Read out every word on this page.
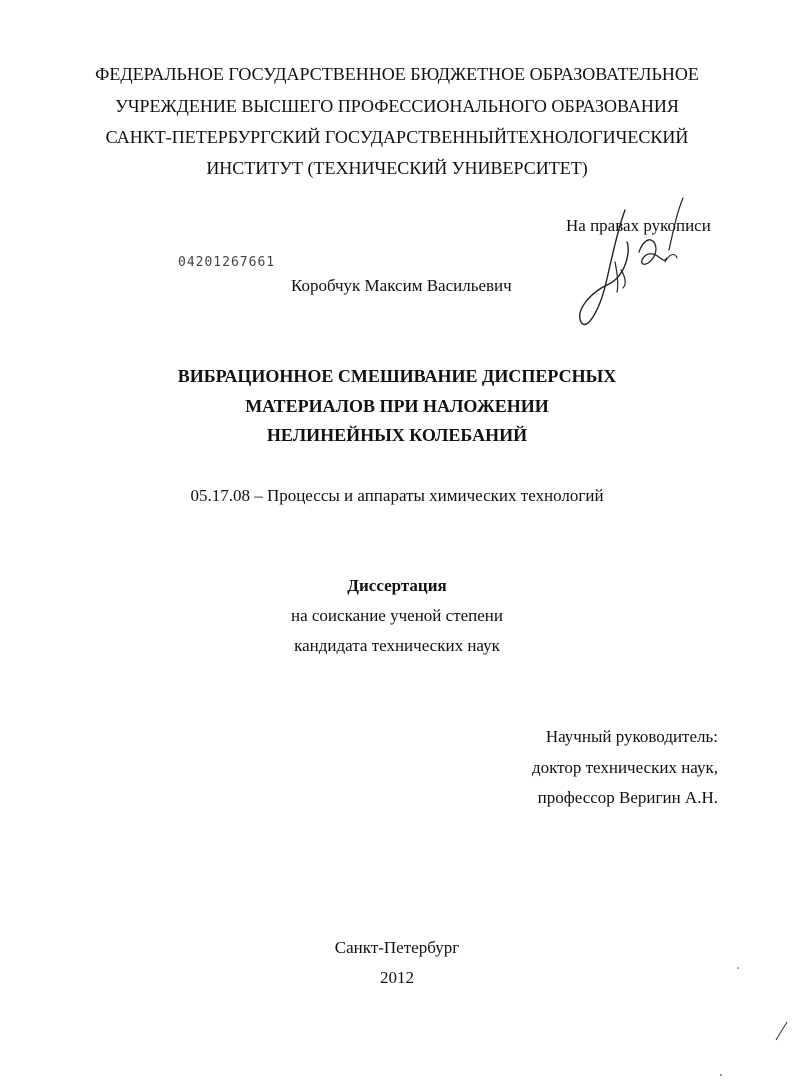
ФЕДЕРАЛЬНОЕ ГОСУДАРСТВЕННОЕ БЮДЖЕТНОЕ ОБРАЗОВАТЕЛЬНОЕ
УЧРЕЖДЕНИЕ ВЫСШЕГО ПРОФЕССИОНАЛЬНОГО ОБРАЗОВАНИЯ
САНКТ-ПЕТЕРБУРГСКИЙ ГОСУДАРСТВЕННЫЙТЕХНОЛОГИЧЕСКИЙ
ИНСТИТУТ (ТЕХНИЧЕСКИЙ УНИВЕРСИТЕТ)
На правах рукописи
04201267661
Коробчук Максим Васильевич
ВИБРАЦИОННОЕ СМЕШИВАНИЕ ДИСПЕРСНЫХ
МАТЕРИАЛОВ ПРИ НАЛОЖЕНИИ
НЕЛИНЕЙНЫХ КОЛЕБАНИЙ
05.17.08 – Процессы и аппараты химических технологий
Диссертация
на соискание ученой степени
кандидата технических наук
Научный руководитель:
доктор технических наук,
профессор Веригин А.Н.
Санкт-Петербург
2012
